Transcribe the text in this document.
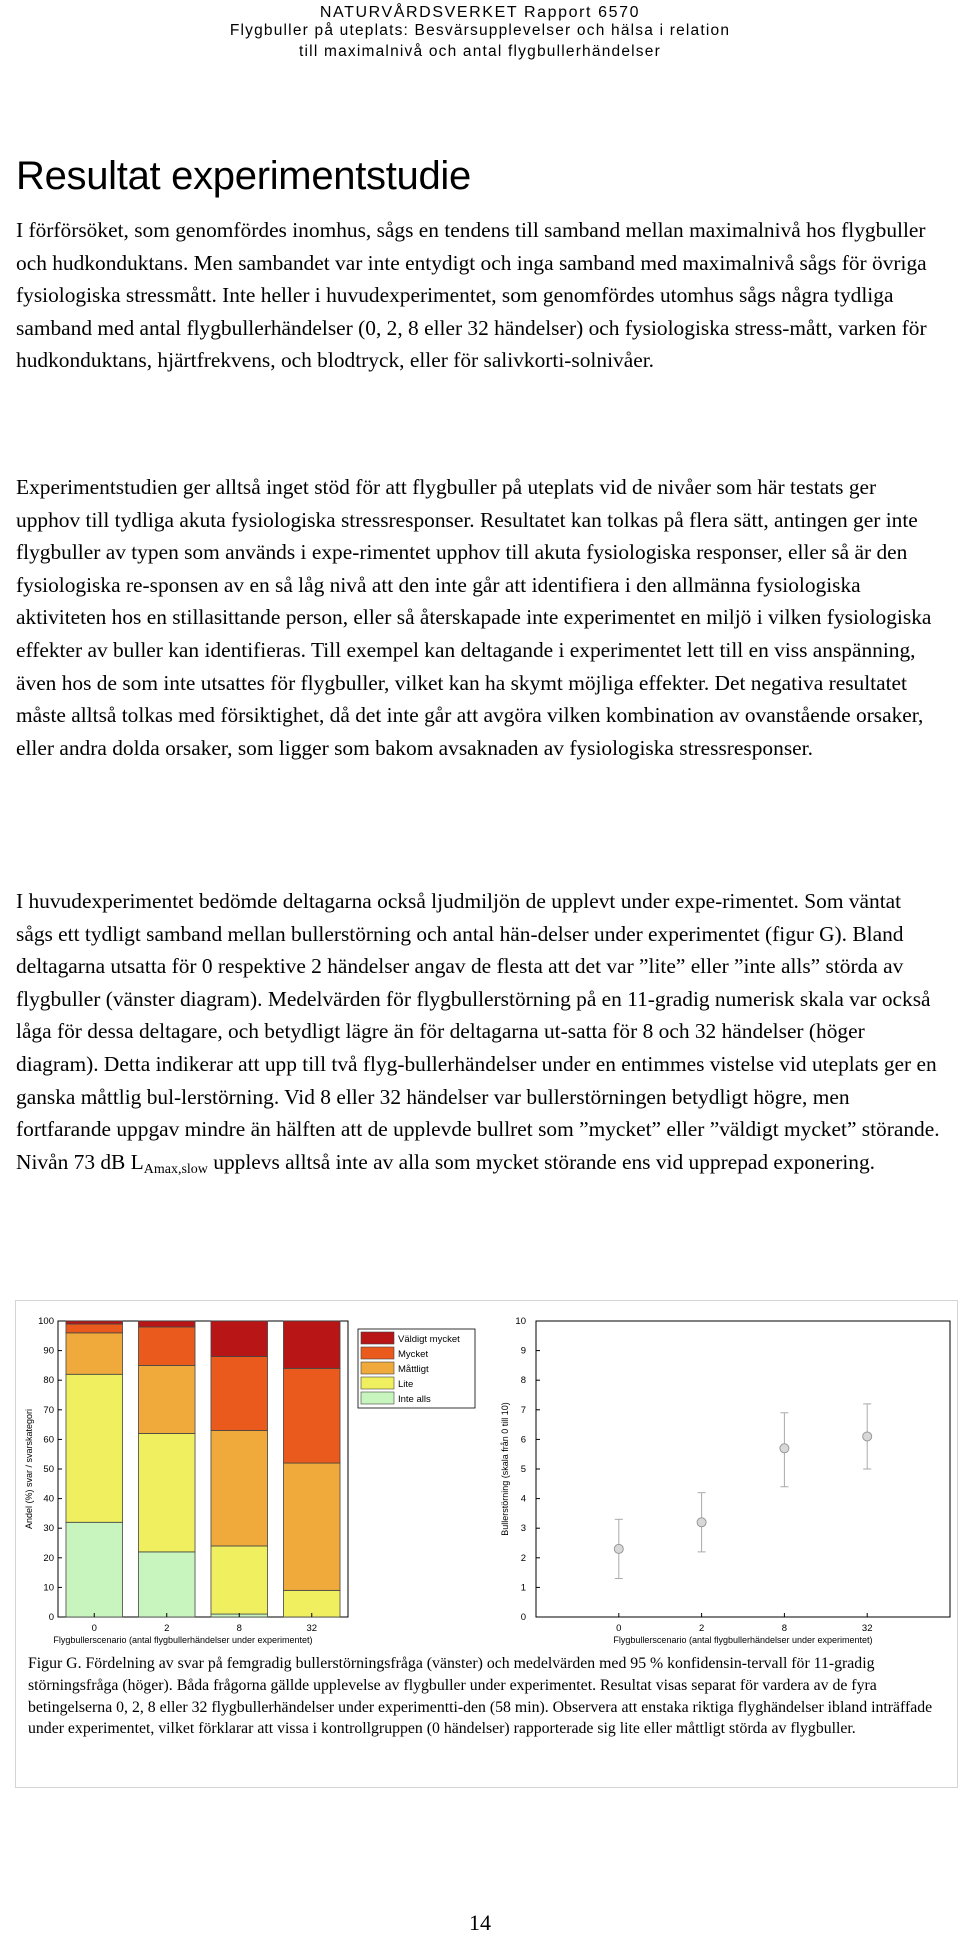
NATURVÅRDSVERKET Rapport 6570
Flygbuller på uteplats: Besvärsupplevelser och hälsa i relation
till maximalnivå och antal flygbullerhändelser
Resultat experimentstudie

I förförsöket, som genomfördes inomhus, sågs en tendens till samband mellan maximalnivå hos flygbuller och hudkonduktans. Men sambandet var inte entydigt och inga samband med maximalnivå sågs för övriga fysiologiska stressmått. Inte heller i huvudexperimentet, som genomfördes utomhus sågs några tydliga samband med antal flygbullerhändelser (0, 2, 8 eller 32 händelser) och fysiologiska stress-mått, varken för hudkonduktans, hjärtfrekvens, och blodtryck, eller för salivkorti-solnivåer.

Experimentstudien ger alltså inget stöd för att flygbuller på uteplats vid de nivåer som här testats ger upphov till tydliga akuta fysiologiska stressresponser. Resultatet kan tolkas på flera sätt, antingen ger inte flygbuller av typen som används i expe-rimentet upphov till akuta fysiologiska responser, eller så är den fysiologiska re-sponsen av en så låg nivå att den inte går att identifiera i den allmänna fysiologiska aktiviteten hos en stillasittande person, eller så återskapade inte experimentet en miljö i vilken fysiologiska effekter av buller kan identifieras. Till exempel kan deltagande i experimentet lett till en viss anspänning, även hos de som inte utsattes för flygbuller, vilket kan ha skymt möjliga effekter. Det negativa resultatet måste alltså tolkas med försiktighet, då det inte går att avgöra vilken kombination av ovanstående orsaker, eller andra dolda orsaker, som ligger som bakom avsaknaden av fysiologiska stressresponser.

I huvudexperimentet bedömde deltagarna också ljudmiljön de upplevt under expe-rimentet. Som väntat sågs ett tydligt samband mellan bullerstörning och antal hän-delser under experimentet (figur G). Bland deltagarna utsatta för 0 respektive 2 händelser angav de flesta att det var ”lite” eller ”inte alls” störda av flygbuller (vänster diagram). Medelvärden för flygbullerstörning på en 11-gradig numerisk skala var också låga för dessa deltagare, och betydligt lägre än för deltagarna ut-satta för 8 och 32 händelser (höger diagram). Detta indikerar att upp till två flyg-bullerhändelser under en entimmes vistelse vid uteplats ger en ganska måttlig bul-lerstörning. Vid 8 eller 32 händelser var bullerstörningen betydligt högre, men fortfarande uppgav mindre än hälften att de upplevde bullret som ”mycket” eller ”väldigt mycket” störande. Nivån 73 dB $L_{Amax,slow}$ upplevs alltså inte av alla som mycket störande ens vid upprepad exponering.

0
10
20
30
40
50
60
70
80
90
100
0	2	8	32
Flygbullerscenario (antal flygbullerhändelser under experimentet)
Andel (%) svar / svarskategori
Väldigt mycket
Mycket
Måttligt
Lite
Inte alls
0
1
2
3
4
5
6
7
8
9
10
0	2	8	32
Flygbullerscenario (antal flygbullerhändelser under experimentet)
Bullerstörning (skala från 0 till 10)

Figur G. Fördelning av svar på femgradig bullerstörningsfråga (vänster) och medelvärden med 95 % konfidensin-tervall för 11-gradig störningsfråga (höger). Båda frågorna gällde upplevelse av flygbuller under experimentet. Resultat visas separat för vardera av de fyra betingelserna 0, 2, 8 eller 32 flygbullerhändelser under experimentti-den (58 min). Observera att enstaka riktiga flyghändelser ibland inträffade under experimentet, vilket förklarar att vissa i kontrollgruppen (0 händelser) rapporterade sig lite eller måttligt störda av flygbuller.

14
